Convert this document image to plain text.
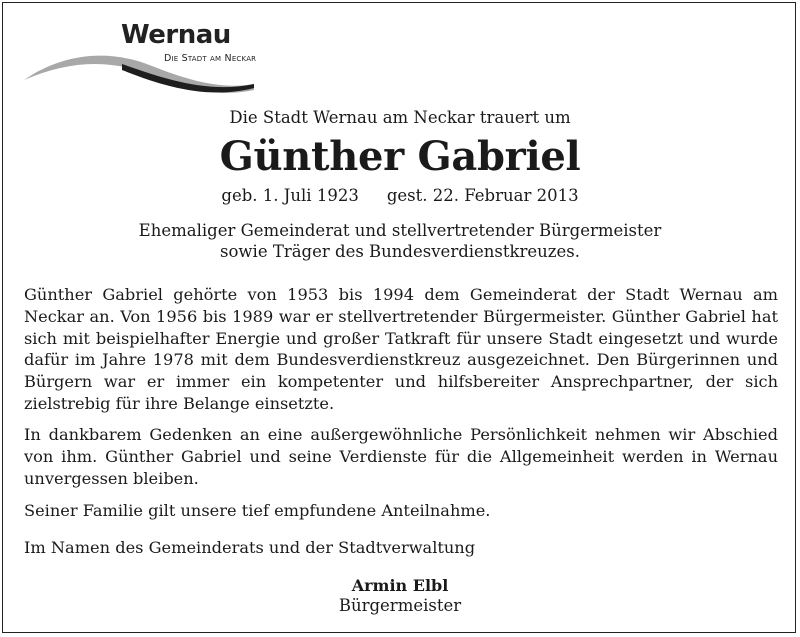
Wernau
Die Stadt am Neckar
Die Stadt Wernau am Neckar trauert um
Günther Gabriel
geb. 1. Juli 1923 gest. 22. Februar 2013
Ehemaliger Gemeinderat und stellvertretender Bürgermeister
sowie Träger des Bundesverdienstkreuzes.
Günther Gabriel gehörte von 1953 bis 1994 dem Gemeinderat der Stadt Wernau am Neckar an. Von 1956 bis 1989 war er stellvertretender Bürgermeister. Günther Gabriel hat sich mit beispielhafter Energie und großer Tatkraft für unsere Stadt eingesetzt und wurde dafür im Jahre 1978 mit dem Bundesverdienstkreuz ausgezeichnet. Den Bürgerinnen und Bürgern war er immer ein kompetenter und hilfsbereiter Ansprechpartner, der sich zielstrebig für ihre Belange einsetzte.
In dankbarem Gedenken an eine außergewöhnliche Persönlichkeit nehmen wir Abschied von ihm. Günther Gabriel und seine Verdienste für die Allgemeinheit werden in Wernau unvergessen bleiben.
Seiner Familie gilt unsere tief empfundene Anteilnahme.
Im Namen des Gemeinderats und der Stadtverwaltung
Armin Elbl
Bürgermeister
